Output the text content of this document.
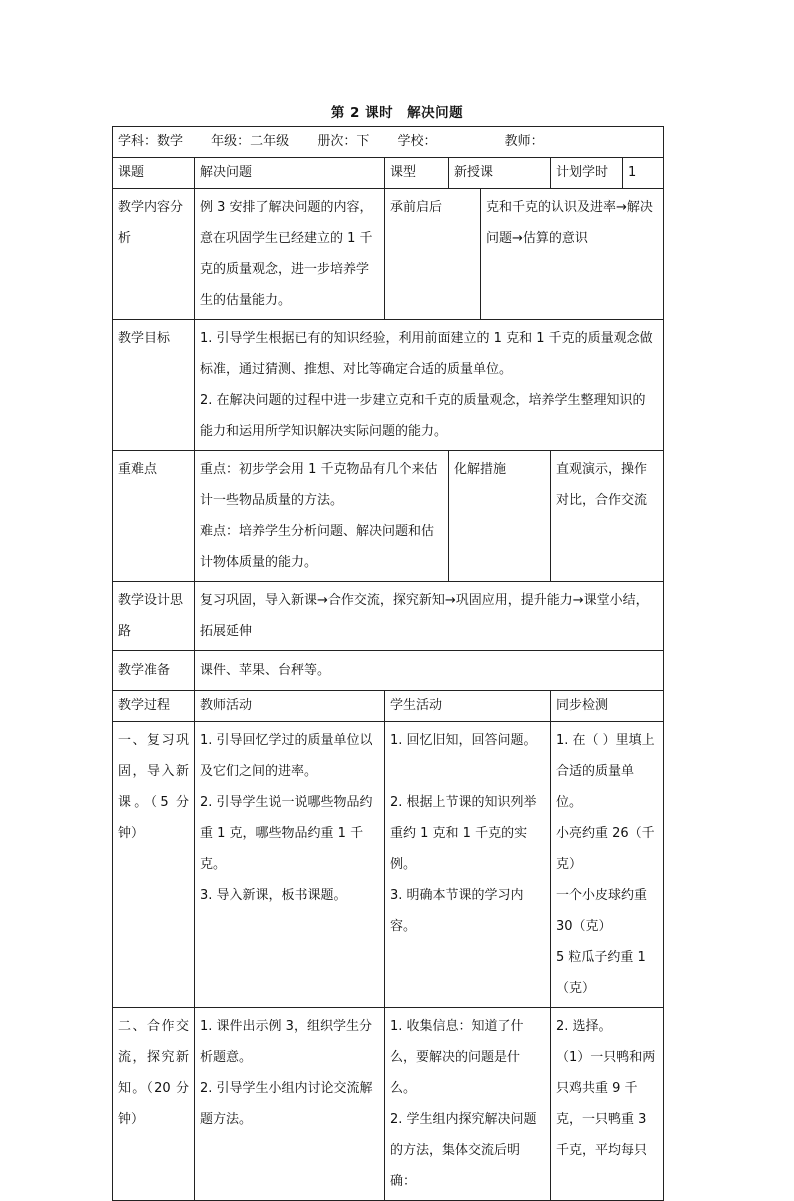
第 2 课时 解决问题
学科：数学 年级：二年级 册次：下 学校： 教师：						
课题	解决问题	课型	新授课		计划学时	1
教学内容分析	例 3 安排了解决问题的内容，意在巩固学生已经建立的 1 千克的质量观念，进一步培养学生的估量能力。	承前启后		克和千克的认识及进率→解决问题→估算的意识		
教学目标	1. 引导学生根据已有的知识经验，利用前面建立的 1 克和 1 千克的质量观念做标准，通过猜测、推想、对比等确定合适的质量单位。
2. 在解决问题的过程中进一步建立克和千克的质量观念，培养学生整理知识的能力和运用所学知识解决实际问题的能力。					

重难点	重点：初步学会用 1 千克物品有几个来估计一些物品质量的方法。
难点：培养学生分析问题、解决问题和估计物体质量的能力。		化解措施		直观演示，操作对比，合作交流	
教学设计思路	复习巩固，导入新课→合作交流，探究新知→巩固应用，提升能力→课堂小结，拓展延伸					
教学准备	课件、苹果、台秤等。					
教学过程	教师活动	学生活动			同步检测	
一、复习巩固，导入新课。（5 分钟）	1. 引导回忆学过的质量单位以及它们之间的进率。
2. 引导学生说一说哪些物品约重 1 克，哪些物品约重 1 千克。
3. 导入新课，板书课题。	1. 回忆旧知，回答问题。
2. 根据上节课的知识列举重约 1 克和 1 千克的实例。
3. 明确本节课的学习内容。			1. 在（ ）里填上合适的质量单位。
小亮约重 26（千克）
一个小皮球约重 30（克）
5 粒瓜子约重 1（克）	

二、合作交流，探究新知。（20 分钟）	1. 课件出示例 3，组织学生分析题意。
2. 引导学生小组内讨论交流解题方法。	1. 收集信息：知道了什么，要解决的问题是什么。
2. 学生组内探究解决问题的方法，集体交流后明确：			2. 选择。
（1）一只鸭和两只鸡共重 9 千克，一只鸭重 3 千克，平均每只	
